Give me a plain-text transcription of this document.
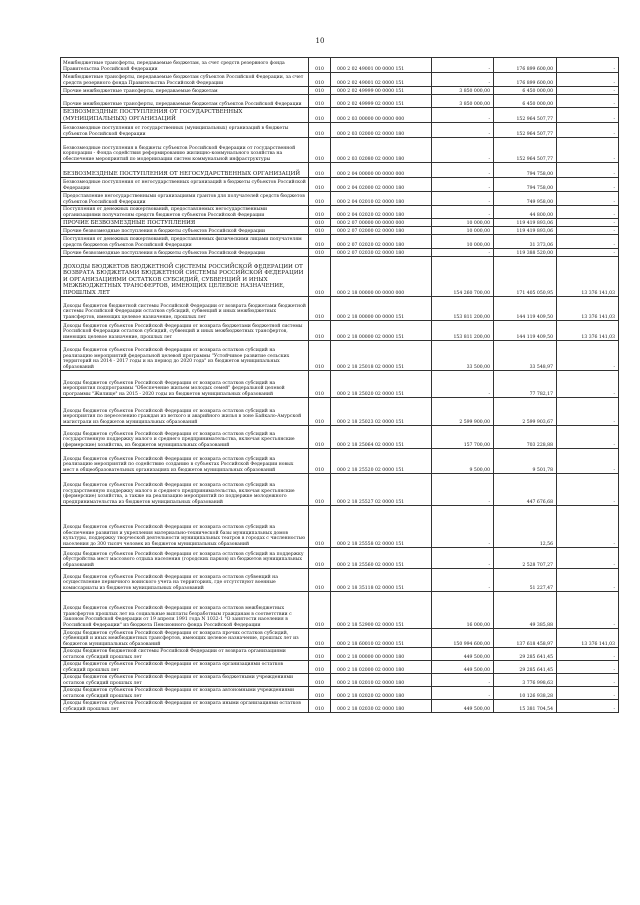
10
Межбюджетные трансферты, передаваемые бюджетам, за счет средств резервного фонда Правительства Российской Федерации	010	000 2 02 49001 00 0000 151	-	176 899 600,00	-
Межбюджетные трансферты, передаваемые бюджетам субъектов Российской Федерации, за счет средств резервного фонда Правительства Российской Федерации	010	000 2 02 49001 02 0000 151	-	176 899 600,00	-
Прочие межбюджетные трансферты, передаваемые бюджетам	010	000 2 02 49999 00 0000 151	3 850 000,00	6 450 000,00	-
Прочие межбюджетные трансферты, передаваемые бюджетам субъектов Российской Федерации	010	000 2 02 49999 02 0000 151	3 850 000,00	6 450 000,00	-
БЕЗВОЗМЕЗДНЫЕ ПОСТУПЛЕНИЯ ОТ ГОСУДАРСТВЕННЫХ (МУНИЦИПАЛЬНЫХ) ОРГАНИЗАЦИЙ	010	000 2 03 00000 00 0000 000	-	152 964 507,77	-
Безвозмездные поступления от государственных (муниципальных) организаций в бюджеты субъектов Российской Федерации	010	000 2 03 02000 02 0000 180	-	152 964 507,77	-
Безвозмездные поступления в бюджеты субъектов Российской Федерации от государственной корпорации - Фонда содействия реформированию жилищно-коммунального хозяйства на обеспечение мероприятий по модернизации систем коммунальной инфраструктуры	010	000 2 03 02080 02 0000 180	-	152 964 507,77	-
БЕЗВОЗМЕЗДНЫЕ ПОСТУПЛЕНИЯ ОТ НЕГОСУДАРСТВЕННЫХ ОРГАНИЗАЦИЙ	010	000 2 04 00000 00 0000 000	-	794 758,00	-
Безвозмездные поступления от негосударственных организаций в бюджеты субъектов Российской Федерации	010	000 2 04 02000 02 0000 180	-	794 758,00	-
Предоставление негосударственными организациями грантов для получателей средств бюджетов субъектов Российской Федерации	010	000 2 04 02010 02 0000 180	-	749 958,00	-
Поступления от денежных пожертвований, предоставляемых негосударственными организациями получателям средств бюджетов субъектов Российской Федерации	010	000 2 04 02020 02 0000 180	-	44 800,00	-
ПРОЧИЕ БЕЗВОЗМЕЗДНЫЕ ПОСТУПЛЕНИЯ	010	000 2 07 00000 00 0000 000	10 000,00	119 419 893,06	-
Прочие безвозмездные поступления в бюджеты субъектов Российской Федерации	010	000 2 07 02000 02 0000 180	10 000,00	119 419 893,06	-
Поступления от денежных пожертвований, предоставляемых физическими лицами получателям средств бюджетов субъектов Российской Федерации	010	000 2 07 02020 02 0000 180	10 000,00	31 373,06	-
Прочие безвозмездные поступления в бюджеты субъектов Российской Федерации	010	000 2 07 02030 02 0000 180	-	119 388 520,00	-
ДОХОДЫ БЮДЖЕТОВ БЮДЖЕТНОЙ СИСТЕМЫ РОССИЙСКОЙ ФЕДЕРАЦИИ ОТ ВОЗВРАТА БЮДЖЕТАМИ БЮДЖЕТНОЙ СИСТЕМЫ РОССИЙСКОЙ ФЕДЕРАЦИИ И ОРГАНИЗАЦИЯМИ ОСТАТКОВ СУБСИДИЙ, СУБВЕНЦИЙ И ИНЫХ МЕЖБЮДЖЕТНЫХ ТРАНСФЕРТОВ, ИМЕЮЩИХ ЦЕЛЕВОЕ НАЗНАЧЕНИЕ, ПРОШЛЫХ ЛЕТ	010	000 2 18 00000 00 0000 000	154 260 700,00	171 405 050,95	13 376 141,03
Доходы бюджетов бюджетной системы Российской Федерации от возврата бюджетами бюджетной системы Российской Федерации остатков субсидий, субвенций и иных межбюджетных трансфертов, имеющих целевое назначение, прошлых лет	010	000 2 18 00000 00 0000 151	153 811 200,00	144 119 409,50	13 376 141,03
Доходы бюджетов субъектов Российской Федерации от возврата бюджетами бюджетной системы Российской Федерации остатков субсидий, субвенций и иных межбюджетных трансфертов, имеющих целевое назначение, прошлых лет	010	000 2 18 00000 02 0000 151	153 811 200,00	144 119 409,50	13 376 141,03
Доходы бюджетов субъектов Российской Федерации от возврата остатков субсидий на реализацию мероприятий федеральной целевой программы "Устойчивое развитие сельских территорий на 2014 - 2017 годы и на период до 2020 года" из бюджетов муниципальных образований	010	000 2 18 25018 02 0000 151	33 500,00	33 548,97	-
Доходы бюджетов субъектов Российской Федерации от возврата остатков субсидий на мероприятия подпрограммы "Обеспечение жильем молодых семей" федеральной целевой программы "Жилище" на 2015 - 2020 годы из бюджетов муниципальных образований	010	000 2 18 25020 02 0000 151	-	77 782,17	-
Доходы бюджетов субъектов Российской Федерации от возврата остатков субсидий на мероприятия по переселению граждан из ветхого и аварийного жилья в зоне Байкало-Амурской магистрали из бюджетов муниципальных образований	010	000 2 18 25023 02 0000 151	2 599 900,00	2 599 903,67	-
Доходы бюджетов субъектов Российской Федерации от возврата остатков субсидий на государственную поддержку малого и среднего предпринимательства, включая крестьянские (фермерские) хозяйства, из бюджетов муниципальных образований	010	000 2 18 25064 02 0000 151	157 700,00	703 228,88	-
Доходы бюджетов субъектов Российской Федерации от возврата остатков субсидий на реализацию мероприятий по содействию созданию в субъектах Российской Федерации новых мест в общеобразовательных организациях из бюджетов муниципальных образований	010	000 2 18 25520 02 0000 151	9 500,00	9 501,78	-
Доходы бюджетов субъектов Российской Федерации от возврата остатков субсидий на государственную поддержку малого и среднего предпринимательства, включая крестьянские (фермерские) хозяйства, а также на реализацию мероприятий по поддержке молодежного предпринимательства из бюджетов муниципальных образований	010	000 2 18 25527 02 0000 151	-	447 676,68	-
Доходы бюджетов субъектов Российской Федерации от возврата остатков субсидий на обеспечение развития и укрепления материально-технической базы муниципальных домов культуры, поддержку творческой деятельности муниципальных театров в городах с численностью населения до 300 тысяч человек из бюджетов муниципальных образований	010	000 2 18 25558 02 0000 151	-	12,56	-
Доходы бюджетов субъектов Российской Федерации от возврата остатков субсидий на поддержку обустройства мест массового отдыха населения (городских парков) из бюджетов муниципальных образований	010	000 2 18 25560 02 0000 151	-	2 528 707,27	-
Доходы бюджетов субъектов Российской Федерации от возврата остатков субвенций на осуществление первичного воинского учета на территориях, где отсутствуют военные комиссариаты из бюджетов муниципальных образований	010	000 2 18 35118 02 0000 151	-	51 227,47	-
Доходы бюджетов субъектов Российской Федерации от возврата остатков межбюджетных трансфертов прошлых лет на социальные выплаты безработным гражданам в соответствии с Законом Российской Федерации от 19 апреля 1991 года N 1032-1 "О занятости населения в Российской Федерации" из бюджета Пенсионного фонда Российской Федерации	010	000 2 18 52900 02 0000 151	16 000,00	49 385,88	-
Доходы бюджетов субъектов Российской Федерации от возврата прочих остатков субсидий, субвенций и иных межбюджетных трансфертов, имеющих целевое назначение, прошлых лет из бюджетов муниципальных образований	010	000 2 18 60010 02 0000 151	150 994 600,00	137 618 458,97	13 376 141,03
Доходы бюджетов бюджетной системы Российской Федерации от возврата организациями остатков субсидий прошлых лет	010	000 2 18 00000 00 0000 180	449 500,00	29 285 641,45	-
Доходы бюджетов субъектов Российской Федерации от возврата организациями остатков субсидий прошлых лет	010	000 2 18 02000 02 0000 180	449 500,00	29 285 641,45	-
Доходы бюджетов субъектов Российской Федерации от возврата бюджетными учреждениями остатков субсидий прошлых лет	010	000 2 18 02010 02 0000 180	-	3 776 998,63	-
Доходы бюджетов субъектов Российской Федерации от возврата автономными учреждениями остатков субсидий прошлых лет	010	000 2 18 02020 02 0000 180	-	10 126 938,28	-
Доходы бюджетов субъектов Российской Федерации от возврата иными организациями остатков субсидий прошлых лет	010	000 2 18 02030 02 0000 180	449 500,00	15 381 704,54	-
